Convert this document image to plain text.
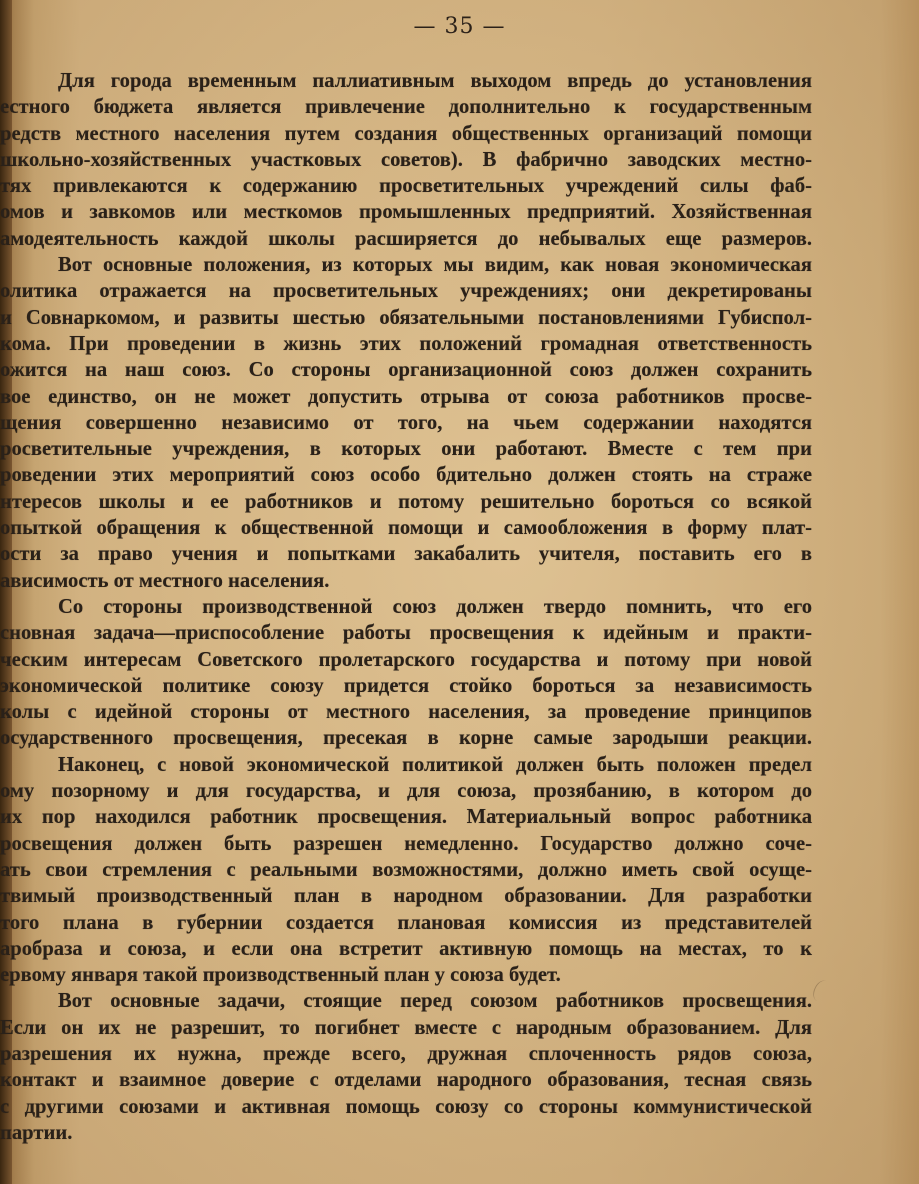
— 35 —
Для города временным паллиативным выходом впредь до установления
естного бюджета является привлечение дополнительно к государственным
редств местного населения путем создания общественных организаций помощи
школьно-хозяйственных участковых советов). В фабрично заводских местно-
тях привлекаются к содержанию просветительных учреждений силы фаб-
омов и завкомов или месткомов промышленных предприятий. Хозяйственная
амодеятельность каждой школы расширяется до небывалых еще размеров.
Вот основные положения, из которых мы видим, как новая экономическая
олитика отражается на просветительных учреждениях; они декретированы
и Совнаркомом, и развиты шестью обязательными постановлениями Губиспол-
кома. При проведении в жизнь этих положений громадная ответственность
ожится на наш союз. Со стороны организационной союз должен сохранить
вое единство, он не может допустить отрыва от союза работников просве-
щения совершенно независимо от того, на чьем содержании находятся
росветительные учреждения, в которых они работают. Вместе с тем при
роведении этих мероприятий союз особо бдительно должен стоять на страже
нтересов школы и ее работников и потому решительно бороться со всякой
опыткой обращения к общественной помощи и самообложения в форму плат-
ости за право учения и попытками закабалить учителя, поставить его в
ависимость от местного населения.
Со стороны производственной союз должен твердо помнить, что его
сновная задача—приспособление работы просвещения к идейным и практи-
ческим интересам Советского пролетарского государства и потому при новой
экономической политике союзу придется стойко бороться за независимость
колы с идейной стороны от местного населения, за проведение принципов
осударственного просвещения, пресекая в корне самые зародыши реакции.
Наконец, с новой экономической политикой должен быть положен предел
ому позорному и для государства, и для союза, прозябанию, в котором до
их пор находился работник просвещения. Материальный вопрос работника
росвещения должен быть разрешен немедленно. Государство должно соче-
ать свои стремления с реальными возможностями, должно иметь свой осуще-
твимый производственный план в народном образовании. Для разработки
того плана в губернии создается плановая комиссия из представителей
аробраза и союза, и если она встретит активную помощь на местах, то к
ервому января такой производственный план у союза будет.
Вот основные задачи, стоящие перед союзом работников просвещения.
Если он их не разрешит, то погибнет вместе с народным образованием. Для
разрешения их нужна, прежде всего, дружная сплоченность рядов союза,
контакт и взаимное доверие с отделами народного образования, тесная связь
с другими союзами и активная помощь союзу со стороны коммунистической
партии.
